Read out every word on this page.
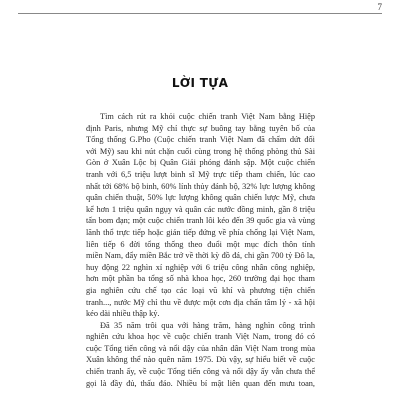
7
LỜI TỰA
Tìm cách rút ra khỏi cuộc chiến tranh Việt Nam bằng Hiệp
định Paris, nhưng Mỹ chỉ thực sự buông tay bằng tuyên bố của
Tổng thống G.Pho (Cuộc chiến tranh Việt Nam đã chấm dứt đối
với Mỹ) sau khi nút chặn cuối cùng trong hệ thống phòng thủ Sài
Gòn ở Xuân Lộc bị Quân Giải phóng đánh sập. Một cuộc chiến
tranh với 6,5 triệu lượt binh sĩ Mỹ trực tiếp tham chiến, lúc cao
nhất tới 68% bộ binh, 60% lính thủy đánh bộ, 32% lực lượng không
quân chiến thuật, 50% lực lượng không quân chiến lược Mỹ, chưa
kể hơn 1 triệu quân ngụy và quân các nước đồng minh, gần 8 triệu
tấn bom đạn; một cuộc chiến tranh lôi kéo đến 39 quốc gia và vùng
lãnh thổ trực tiếp hoặc gián tiếp đứng về phía chống lại Việt Nam,
liên tiếp 6 đời tổng thống theo đuổi một mục đích thôn tính
miền Nam, đẩy miền Bắc trở về thời kỳ đồ đá, chi gần 700 tỷ Đô la,
huy động 22 nghìn xí nghiệp với 6 triệu công nhân công nghiệp,
hơn một phần ba tổng số nhà khoa học, 260 trường đại học tham
gia nghiên cứu chế tạo các loại vũ khí và phương tiện chiến
tranh..., nước Mỹ chỉ thu về được một cơn địa chấn tâm lý - xã hội
kéo dài nhiều thập kỷ.
Đã 35 năm trôi qua với hàng trăm, hàng nghìn công trình
nghiên cứu khoa học về cuộc chiến tranh Việt Nam, trong đó có
cuộc Tổng tiến công và nổi dậy của nhân dân Việt Nam trong mùa
Xuân không thể nào quên năm 1975. Dù vậy, sự hiểu biết về cuộc
chiến tranh ấy, về cuộc Tổng tiến công và nổi dậy ấy vẫn chưa thể
gọi là đầy đủ, thấu đáo. Nhiều bí mật liên quan đến mưu toan,
